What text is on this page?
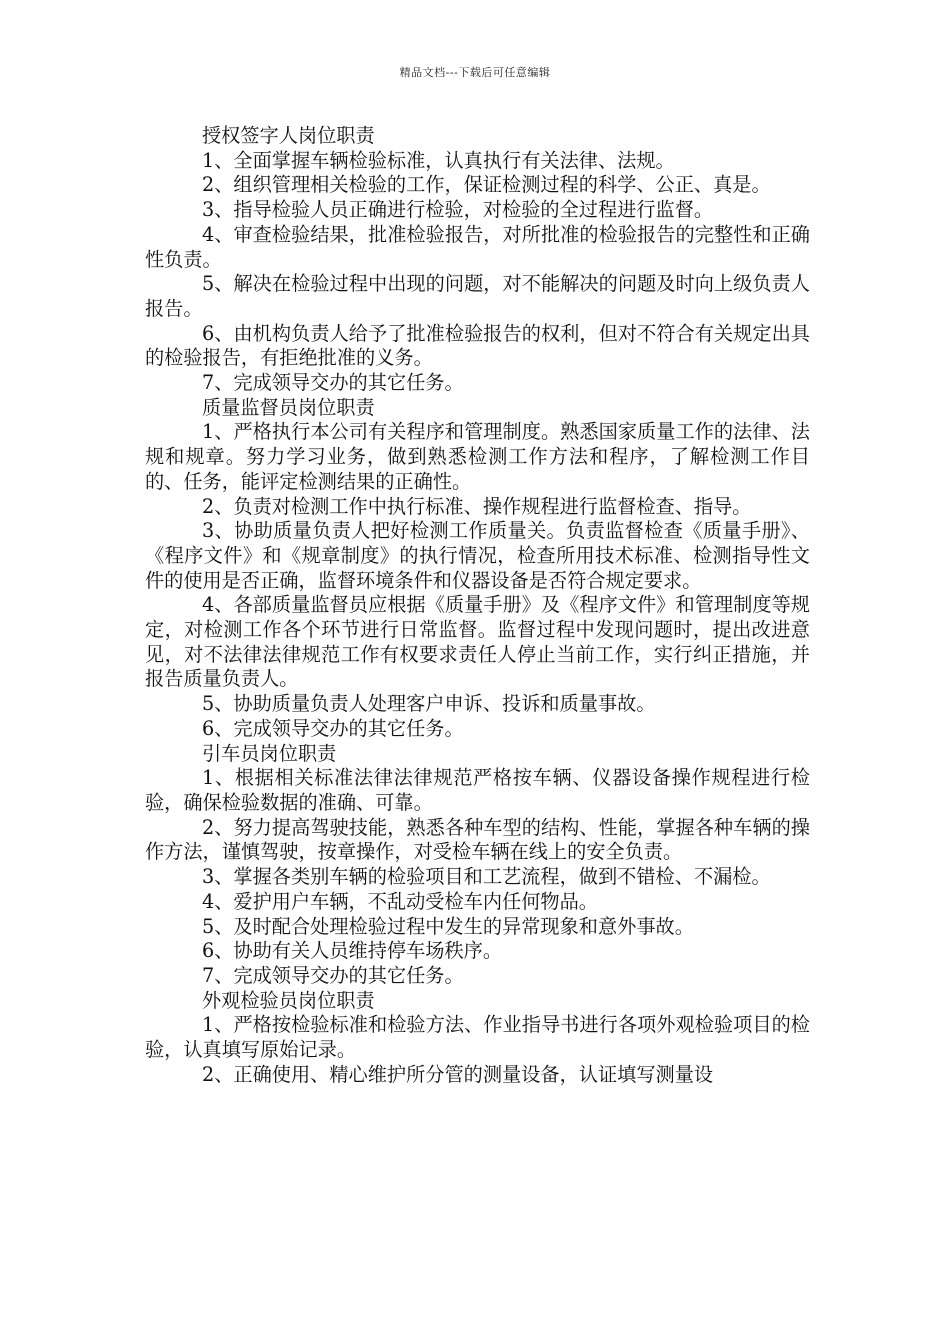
精品文档---下载后可任意编辑

授权签字人岗位职责

1、全面掌握车辆检验标准，认真执行有关法律、法规。

2、组织管理相关检验的工作，保证检测过程的科学、公正、真是。

3、指导检验人员正确进行检验，对检验的全过程进行监督。

4、审查检验结果，批准检验报告，对所批准的检验报告的完整性和正确性负责。

5、解决在检验过程中出现的问题，对不能解决的问题及时向上级负责人报告。

6、由机构负责人给予了批准检验报告的权利，但对不符合有关规定出具的检验报告，有拒绝批准的义务。

7、完成领导交办的其它任务。

质量监督员岗位职责

1、严格执行本公司有关程序和管理制度。熟悉国家质量工作的法律、法规和规章。努力学习业务，做到熟悉检测工作方法和程序，了解检测工作目的、任务，能评定检测结果的正确性。

2、负责对检测工作中执行标准、操作规程进行监督检查、指导。

3、协助质量负责人把好检测工作质量关。负责监督检查《质量手册》、《程序文件》和《规章制度》的执行情况，检查所用技术标准、检测指导性文件的使用是否正确，监督环境条件和仪器设备是否符合规定要求。

4、各部质量监督员应根据《质量手册》及《程序文件》和管理制度等规定，对检测工作各个环节进行日常监督。监督过程中发现问题时，提出改进意见，对不法律法律规范工作有权要求责任人停止当前工作，实行纠正措施，并报告质量负责人。

5、协助质量负责人处理客户申诉、投诉和质量事故。

6、完成领导交办的其它任务。

引车员岗位职责

1、根据相关标准法律法律规范严格按车辆、仪器设备操作规程进行检验，确保检验数据的准确、可靠。

2、努力提高驾驶技能，熟悉各种车型的结构、性能，掌握各种车辆的操作方法，谨慎驾驶，按章操作，对受检车辆在线上的安全负责。

3、掌握各类别车辆的检验项目和工艺流程，做到不错检、不漏检。

4、爱护用户车辆，不乱动受检车内任何物品。

5、及时配合处理检验过程中发生的异常现象和意外事故。

6、协助有关人员维持停车场秩序。

7、完成领导交办的其它任务。

外观检验员岗位职责

1、严格按检验标准和检验方法、作业指导书进行各项外观检验项目的检验，认真填写原始记录。

2、正确使用、精心维护所分管的测量设备，认证填写测量设
